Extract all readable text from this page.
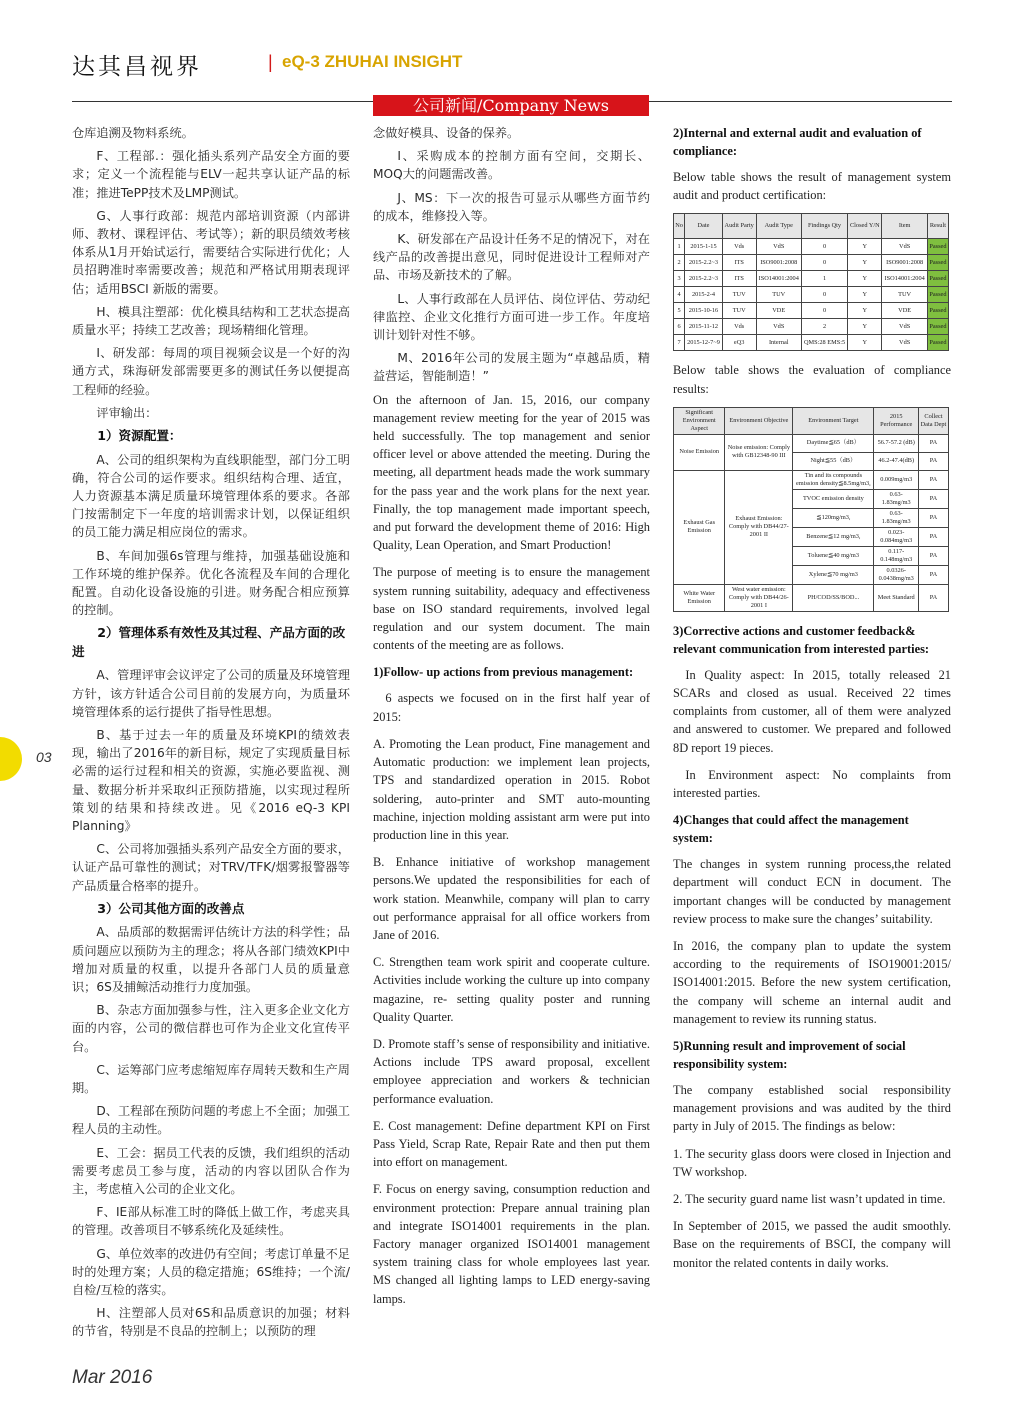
达其昌视界	| eQ-3 ZHUHAI INSIGHT
公司新闻/Company News
03
Mar 2016

仓库追溯及物料系统。

F、工程部.：强化插头系列产品安全方面的要求；定义一个流程能与ELV一起共享认证产品的标准；推进TePP技术及LMP测试。

G、人事行政部：规范内部培训资源（内部讲师、教材、课程评估、考试等）；新的职员绩效考核体系从1月开始试运行，需要结合实际进行优化；人员招聘准时率需要改善；规范和严格试用期表现评估；适用BSCI 新版的需要。

H、模具注塑部：优化模具结构和工艺状态提高质量水平；持续工艺改善；现场精细化管理。

I、研发部：每周的项目视频会议是一个好的沟通方式，珠海研发部需要更多的测试任务以便提高工程师的经验。

评审输出：

1）资源配置：

A、公司的组织架构为直线职能型，部门分工明确，符合公司的运作要求。组织结构合理、适宜，人力资源基本满足质量环境管理体系的要求。各部门按需制定下一年度的培训需求计划，以保证组织的员工能力满足相应岗位的需求。

B、车间加强6s管理与维持，加强基础设施和工作环境的维护保养。优化各流程及车间的合理化配置。自动化设备设施的引进。财务配合相应预算的控制。

2）管理体系有效性及其过程、产品方面的改进

A、管理评审会议评定了公司的质量及环境管理方针，该方针适合公司目前的发展方向，为质量环境管理体系的运行提供了指导性思想。

B、基于过去一年的质量及环境KPI的绩效表现，输出了2016年的新目标，规定了实现质量目标必需的运行过程和相关的资源，实施必要监视、测量、数据分析并采取纠正预防措施，以实现过程所策划的结果和持续改进。见《2016 eQ-3 KPI Planning》

C、公司将加强插头系列产品安全方面的要求，认证产品可靠性的测试；对TRV/TFK/烟雾报警器等产品质量合格率的提升。

3）公司其他方面的改善点

A、品质部的数据需评估统计方法的科学性；品质问题应以预防为主的理念；将从各部门绩效KPI中增加对质量的权重，以提升各部门人员的质量意识；6S及捕鲸活动推行力度加强。

B、杂志方面加强参与性，注入更多企业文化方面的内容，公司的微信群也可作为企业文化宣传平台。

C、运筹部门应考虑缩短库存周转天数和生产周期。

D、工程部在预防问题的考虑上不全面；加强工程人员的主动性。

E、工会：据员工代表的反馈，我们组织的活动需要考虑员工参与度，活动的内容以团队合作为主，考虑植入公司的企业文化。

F、IE部从标准工时的降低上做工作，考虑夹具的管理。改善项目不够系统化及延续性。

G、单位效率的改进仍有空间；考虑订单量不足时的处理方案；人员的稳定措施；6S维持；一个流/自检/互检的落实。

H、注塑部人员对6S和品质意识的加强；材料的节省，特别是不良品的控制上；以预防的理

念做好模具、设备的保养。

I、采购成本的控制方面有空间，交期长、MOQ大的问题需改善。

J、MS：下一次的报告可显示从哪些方面节约的成本，维修投入等。

K、研发部在产品设计任务不足的情况下，对在线产品的改善提出意见，同时促进设计工程师对产品、市场及新技术的了解。

L、人事行政部在人员评估、岗位评估、劳动纪律监控、企业文化推行方面可进一步工作。年度培训计划针对性不够。

M、2016年公司的发展主题为“卓越品质，精益营运，智能制造！”

On the afternoon of Jan. 15, 2016, our company management review meeting for the year of 2015 was held successfully. The top management and senior officer level or above attended the meeting. During the meeting, all department heads made the work summary for the pass year and the work plans for the next year. Finally, the top management made important speech, and put forward the development theme of 2016: High Quality, Lean Operation, and Smart Production!

The purpose of meeting is to ensure the management system running suitability, adequacy and effectiveness base on ISO standard requirements, involved legal regulation and our system document. The main contents of the meeting are as follows.

1)Follow- up actions from previous management:

6 aspects we focused on in the first half year of 2015:

A. Promoting the Lean product, Fine management and Automatic production: we implement lean projects, TPS and standardized operation in 2015. Robot soldering, auto-printer and SMT auto-mounting machine, injection molding assistant arm were put into production line in this year.

B. Enhance initiative of workshop management persons.We updated the responsibilities for each of work station. Meanwhile, company will plan to carry out performance appraisal for all office workers from Jane of 2016.

C. Strengthen team work spirit and cooperate culture. Activities include working the culture up into company magazine, re- setting quality poster and running Quality Quarter.

D. Promote staff’s sense of responsibility and initiative. Actions include TPS award proposal, excellent employee appreciation and workers & technician performance evaluation.

E. Cost management: Define department KPI on First Pass Yield, Scrap Rate, Repair Rate and then put them into effort on management.

F. Focus on energy saving, consumption reduction and environment protection: Prepare annual training plan and integrate ISO14001 requirements in the plan. Factory manager organized ISO14001 management system training class for whole employees last year. MS changed all lighting lamps to LED energy-saving lamps.

2)Internal and external audit and evaluation of compliance:

Below table shows the result of management system audit and product certification:

No	Date	Audit Party	Audit Type	Findings Qty	Closed Y/N	Item	Result
1	2015-1-15	Vds	VdS	0	Y	VdS	Passed
2	2015-2.2~3	ITS	ISO9001:2008	0	Y	ISO9001:2008	Passed
3	2015-2.2~3	ITS	ISO14001:2004	1	Y	ISO14001:2004	Passed
4	2015-2-4	TUV	TUV	0	Y	TUV	Passed
5	2015-10-16	TUV	VDE	0	Y	VDE	Passed
6	2015-11-12	Vds	VdS	2	Y	VdS	Passed
7	2015-12-7~9	eQ3	Internal	QMS:28 EMS:5	Y	VdS	Passed

Below table shows the evaluation of compliance results:

Significant Environment Aspect	Environment Objective	Environment Target	2015 Performance	Collect Data Dept
Noise Emission	Noise emission: Comply with GB12348-90 III	Daytime≦65（dB）	56.7-57.2 (dB)	PA
		Night≦55（dB）	46.2-47.4(dB)	PA
Exhaust Gas Emission	Exhaust Emission: Comply with DB44/27-2001 II	Tin and its compounds emission density≦8.5mg/m3,	0.009mg/m3	PA
		TVOC emission density	0.63-1.83mg/m3	PA
		≦120mg/m3,	0.63-1.83mg/m3	PA
		Benzene≦12 mg/m3,	0.023-0.084mg/m3	PA
		Toluene≦40 mg/m3	0.117-0.148mg/m3	PA
		Xylene≦70 mg/m3	0.0326-0.0438mg/m3	PA
White Water Emission	West water emission: Comply with DB44/26-2001 I	PH/COD/SS/BOD...	Meet Standard	PA
3)Corrective actions and customer feedback& relevant communication from interested parties:

In Quality aspect: In 2015, totally released 21 SCARs and closed as usual. Received 22 times complaints from customer, all of them were analyzed and answered to customer. We prepared and followed 8D report 19 pieces.

In Environment aspect: No complaints from interested parties.

4)Changes that could affect the management system:

The changes in system running process,the related department will conduct ECN in document. The important changes will be conducted by management review process to make sure the changes’ suitability.

In 2016, the company plan to update the system according to the requirements of ISO19001:2015/ ISO14001:2015. Before the new system certification, the company will scheme an internal audit and management to review its running status.

5)Running result and improvement of social responsibility system:

The company established social responsibility management provisions and was audited by the third party in July of 2015. The findings as below:

1. The security glass doors were closed in Injection and TW workshop.

2. The security guard name list wasn’t updated in time.

In September of 2015, we passed the audit smoothly. Base on the requirements of BSCI, the company will monitor the related contents in daily works.
